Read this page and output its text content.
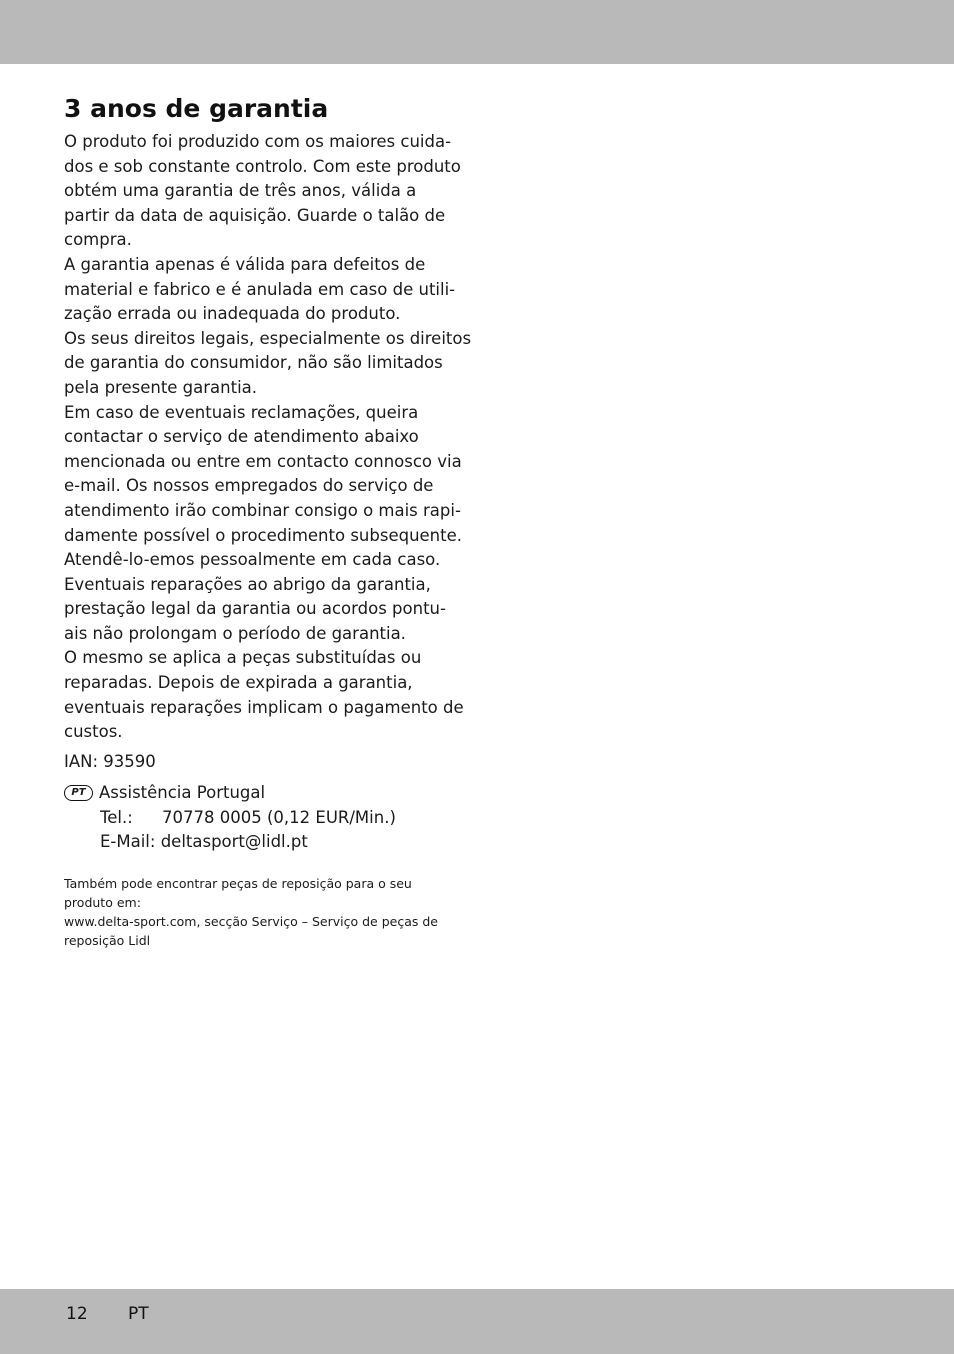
3 anos de garantia
O produto foi produzido com os maiores cuida-
dos e sob constante controlo. Com este produto
obtém uma garantia de três anos, válida a
partir da data de aquisição. Guarde o talão de
compra.
A garantia apenas é válida para defeitos de
material e fabrico e é anulada em caso de utili-
zação errada ou inadequada do produto.
Os seus direitos legais, especialmente os direitos
de garantia do consumidor, não são limitados
pela presente garantia.
Em caso de eventuais reclamações, queira
contactar o serviço de atendimento abaixo
mencionada ou entre em contacto connosco via
e-mail. Os nossos empregados do serviço de
atendimento irão combinar consigo o mais rapi-
damente possível o procedimento subsequente.
Atendê-lo-emos pessoalmente em cada caso.
Eventuais reparações ao abrigo da garantia,
prestação legal da garantia ou acordos pontu-
ais não prolongam o período de garantia.
O mesmo se aplica a peças substituídas ou
reparadas. Depois de expirada a garantia,
eventuais reparações implicam o pagamento de
custos.
IAN: 93590
PT Assistência Portugal
Tel.:	70778 0005 (0,12 EUR/Min.)
E-Mail: deltasport@lidl.pt
Também pode encontrar peças de reposição para o seu
produto em:
www.delta-sport.com, secção Serviço – Serviço de peças de
reposição Lidl
12 PT
